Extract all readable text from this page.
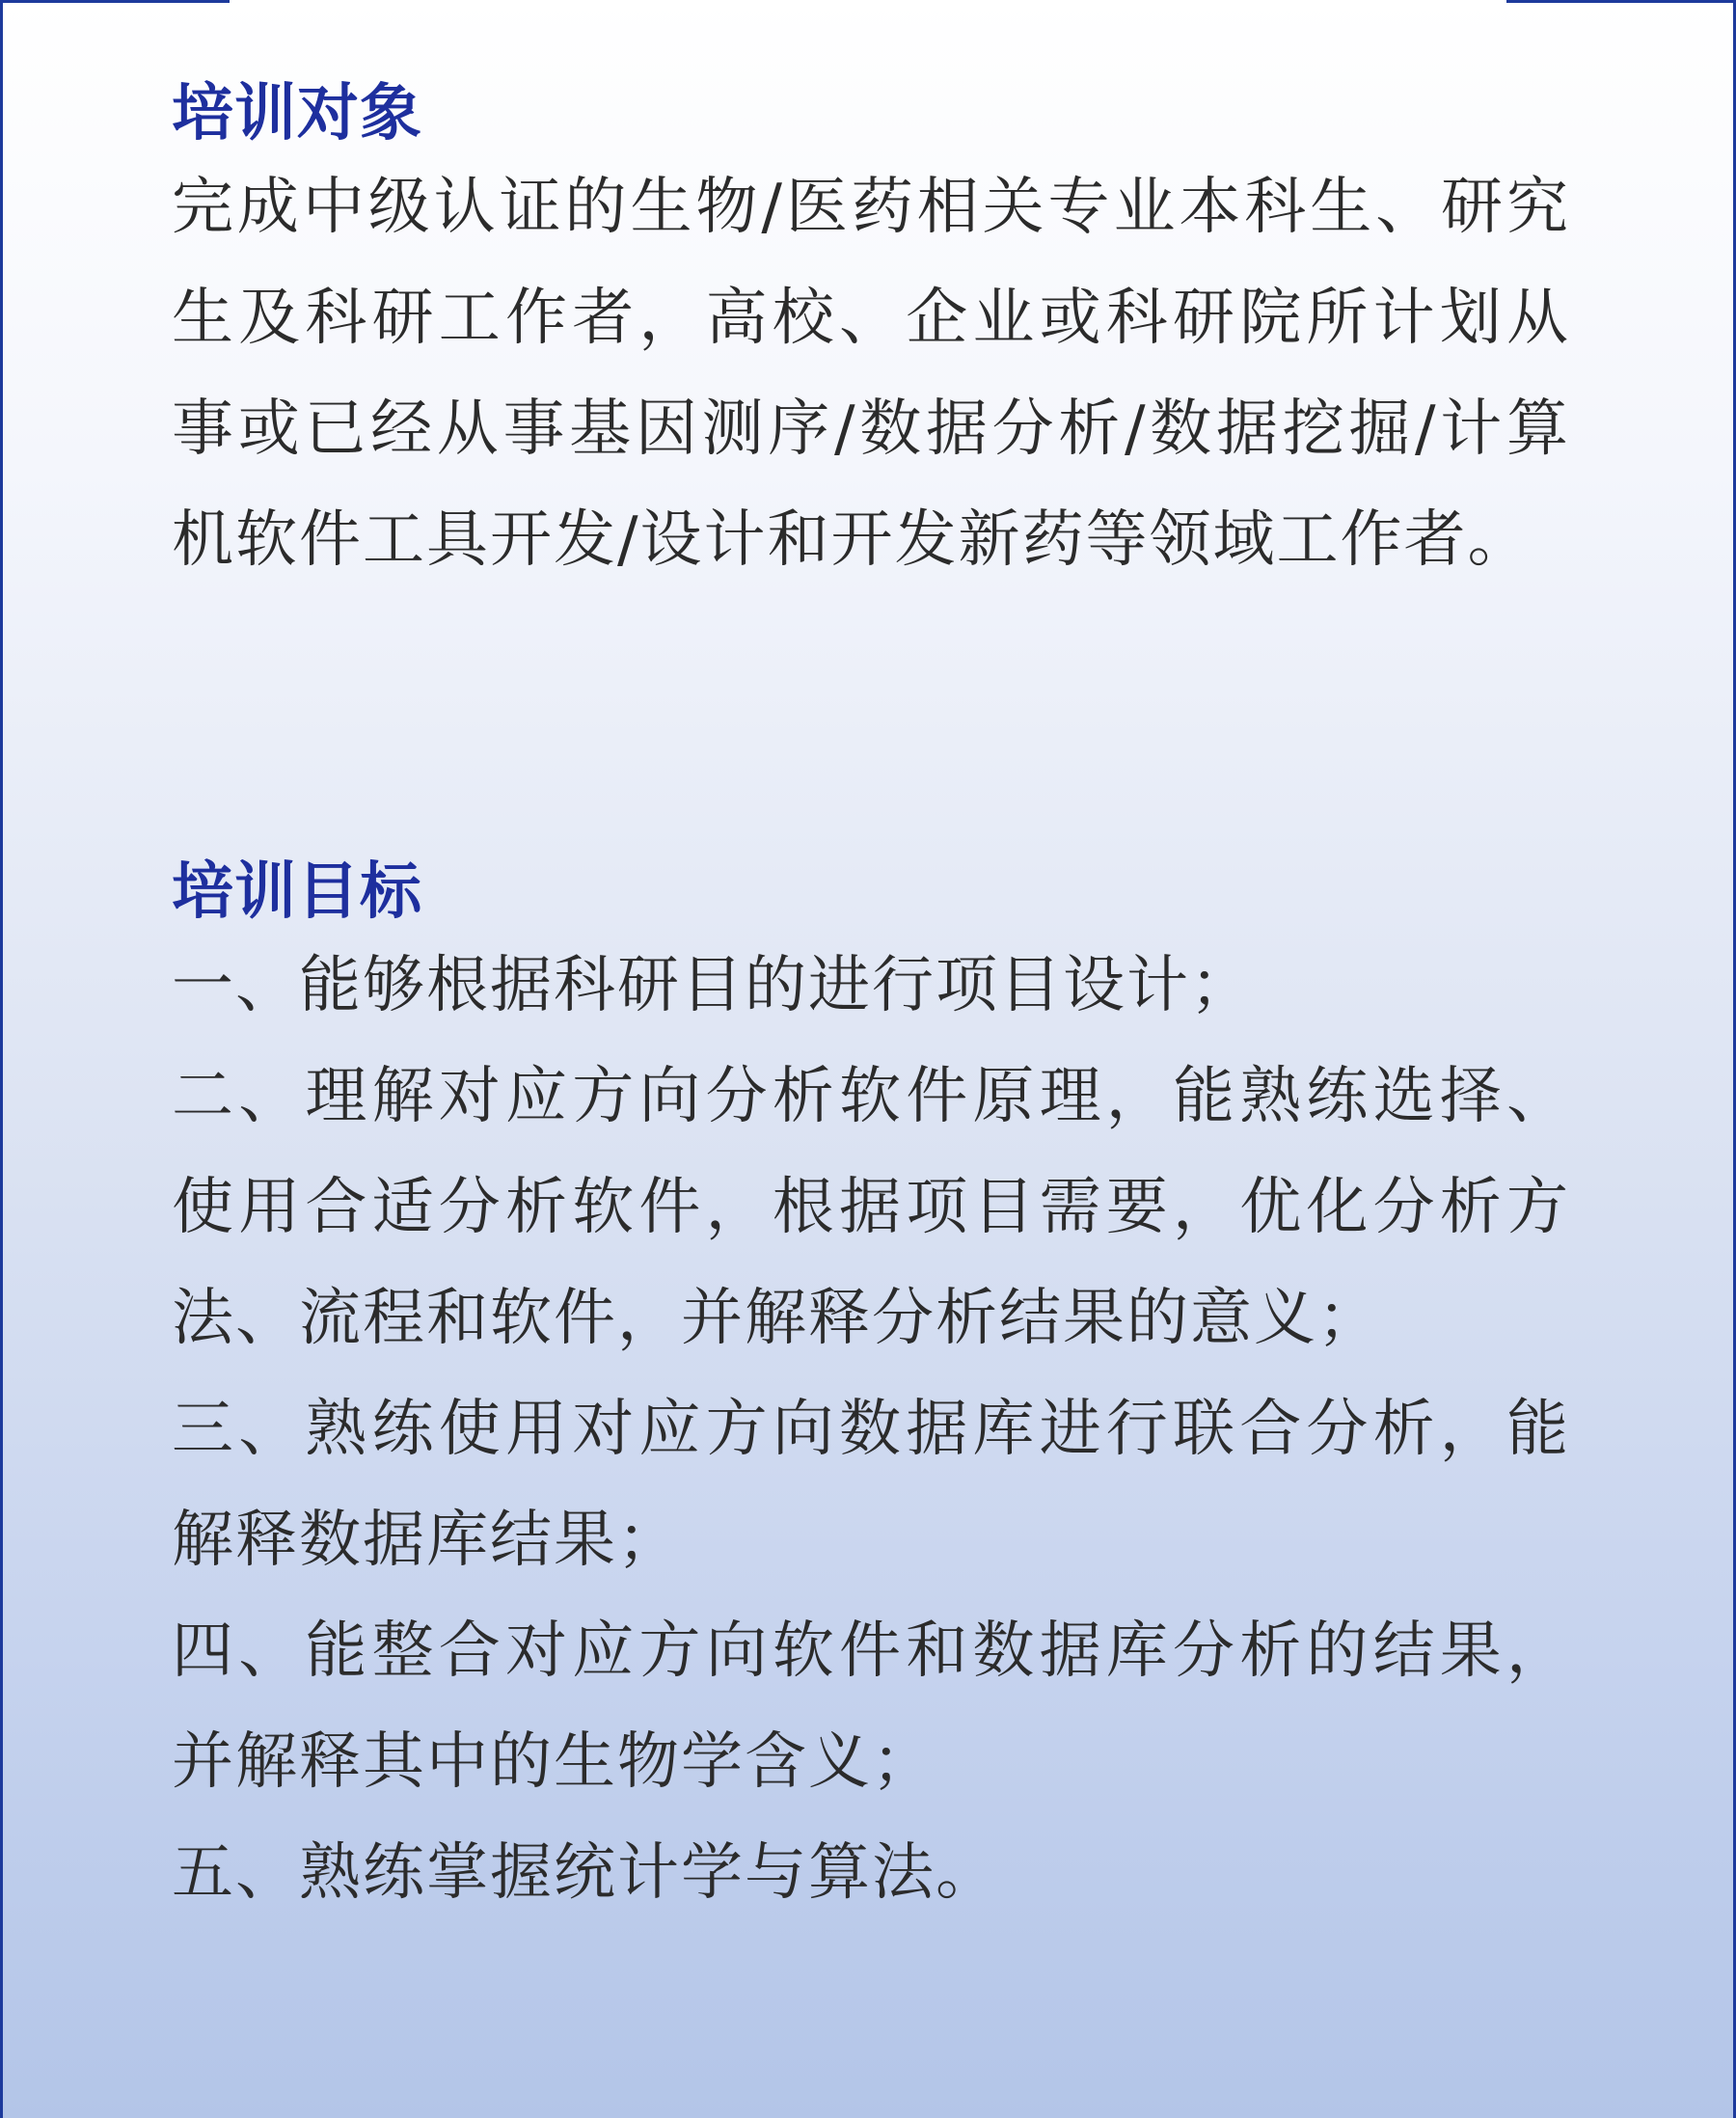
培训对象

完成中级认证的生物/医药相关专业本科生、研究生及科研工作者，高校、企业或科研院所计划从事或已经从事基因测序/数据分析/数据挖掘/计算机软件工具开发/设计和开发新药等领域工作者。

培训目标

一、能够根据科研目的进行项目设计；

二、理解对应方向分析软件原理，能熟练选择、使用合适分析软件，根据项目需要，优化分析方法、流程和软件，并解释分析结果的意义；

三、熟练使用对应方向数据库进行联合分析，能解释数据库结果；

四、能整合对应方向软件和数据库分析的结果，并解释其中的生物学含义；

五、熟练掌握统计学与算法。
